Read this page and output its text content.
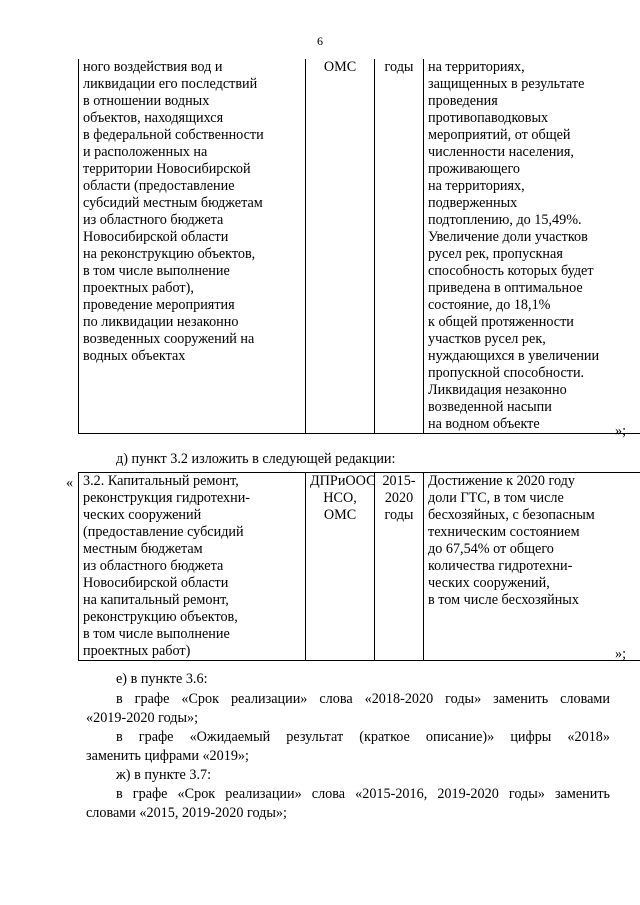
6
ного воздействия вод и
ликвидации его последствий
в отношении водных
объектов, находящихся
в федеральной собственности
и расположенных на
территории Новосибирской
области (предоставление
субсидий местным бюджетам
из областного бюджета
Новосибирской области
на реконструкцию объектов,
в том числе выполнение
проектных работ),
проведение мероприятия
по ликвидации незаконно
возведенных сооружений на
водных объектах	ОМС	годы	на территориях,
защищенных в результате
проведения
противопаводковых
мероприятий, от общей
численности населения,
проживающего
на территориях,
подверженных
подтоплению, до 15,49%.
Увеличение доли участков
русел рек, пропускная
способность которых будет
приведена в оптимальное
состояние, до 18,1%
к общей протяженности
участков русел рек,
нуждающихся в увеличении
пропускной способности.
Ликвидация незаконно
возведенной насыпи
на водном объекте	»;
д) пункт 3.2 изложить в следующей редакции:
« 3.2. Капитальный ремонт,
реконструкция гидротехни-
ческих сооружений
(предоставление субсидий
местным бюджетам
из областного бюджета
Новосибирской области
на капитальный ремонт,
реконструкцию объектов,
в том числе выполнение
проектных работ)	ДПРиООС
НСО,
ОМС	2015-
2020
годы	Достижение к 2020 году
доли ГТС, в том числе
бесхозяйных, с безопасным
техническим состоянием
до 67,54% от общего
количества гидротехни-
ческих сооружений,
в том числе бесхозяйных
»;
е) в пункте 3.6:
в графе «Срок реализации» слова «2018-2020 годы» заменить словами
«2019-2020 годы»;
в графе «Ожидаемый результат (краткое описание)» цифры «2018»
заменить цифрами «2019»;
ж) в пункте 3.7:
в графе «Срок реализации» слова «2015-2016, 2019-2020 годы» заменить
словами «2015, 2019-2020 годы»;
